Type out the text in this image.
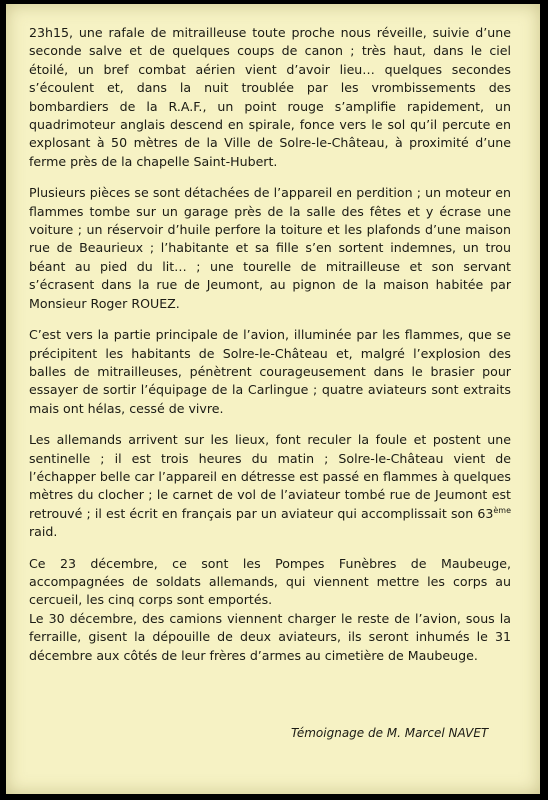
23h15, une rafale de mitrailleuse toute proche nous réveille, suivie d’une seconde salve et de quelques coups de canon ; très haut, dans le ciel étoilé, un bref combat aérien vient d’avoir lieu… quelques secondes s’écoulent et, dans la nuit troublée par les vrombissements des bombardiers de la R.A.F., un point rouge s’amplifie rapidement, un quadrimoteur anglais descend en spirale, fonce vers le sol qu’il percute en explosant à 50 mètres de la Ville de Solre-le-Château, à proximité d’une ferme près de la chapelle Saint-Hubert.

Plusieurs pièces se sont détachées de l’appareil en perdition ; un moteur en flammes tombe sur un garage près de la salle des fêtes et y écrase une voiture ; un réservoir d’huile perfore la toiture et les plafonds d’une maison rue de Beaurieux ; l’habitante et sa fille s’en sortent indemnes, un trou béant au pied du lit… ; une tourelle de mitrailleuse et son servant s’écrasent dans la rue de Jeumont, au pignon de la maison habitée par Monsieur Roger ROUEZ.

C’est vers la partie principale de l’avion, illuminée par les flammes, que se précipitent les habitants de Solre-le-Château et, malgré l’explosion des balles de mitrailleuses, pénètrent courageusement dans le brasier pour essayer de sortir l’équipage de la Carlingue ; quatre aviateurs sont extraits mais ont hélas, cessé de vivre.

Les allemands arrivent sur les lieux, font reculer la foule et postent une sentinelle ; il est trois heures du matin ; Solre-le-Château vient de l’échapper belle car l’appareil en détresse est passé en flammes à quelques mètres du clocher ; le carnet de vol de l’aviateur tombé rue de Jeumont est retrouvé ; il est écrit en français par un aviateur qui accomplissait son 63ème raid.

Ce 23 décembre, ce sont les Pompes Funèbres de Maubeuge, accompagnées de soldats allemands, qui viennent mettre les corps au cercueil, les cinq corps sont emportés.

Le 30 décembre, des camions viennent charger le reste de l’avion, sous la ferraille, gisent la dépouille de deux aviateurs, ils seront inhumés le 31 décembre aux côtés de leur frères d’armes au cimetière de Maubeuge.

Témoignage de M. Marcel NAVET
